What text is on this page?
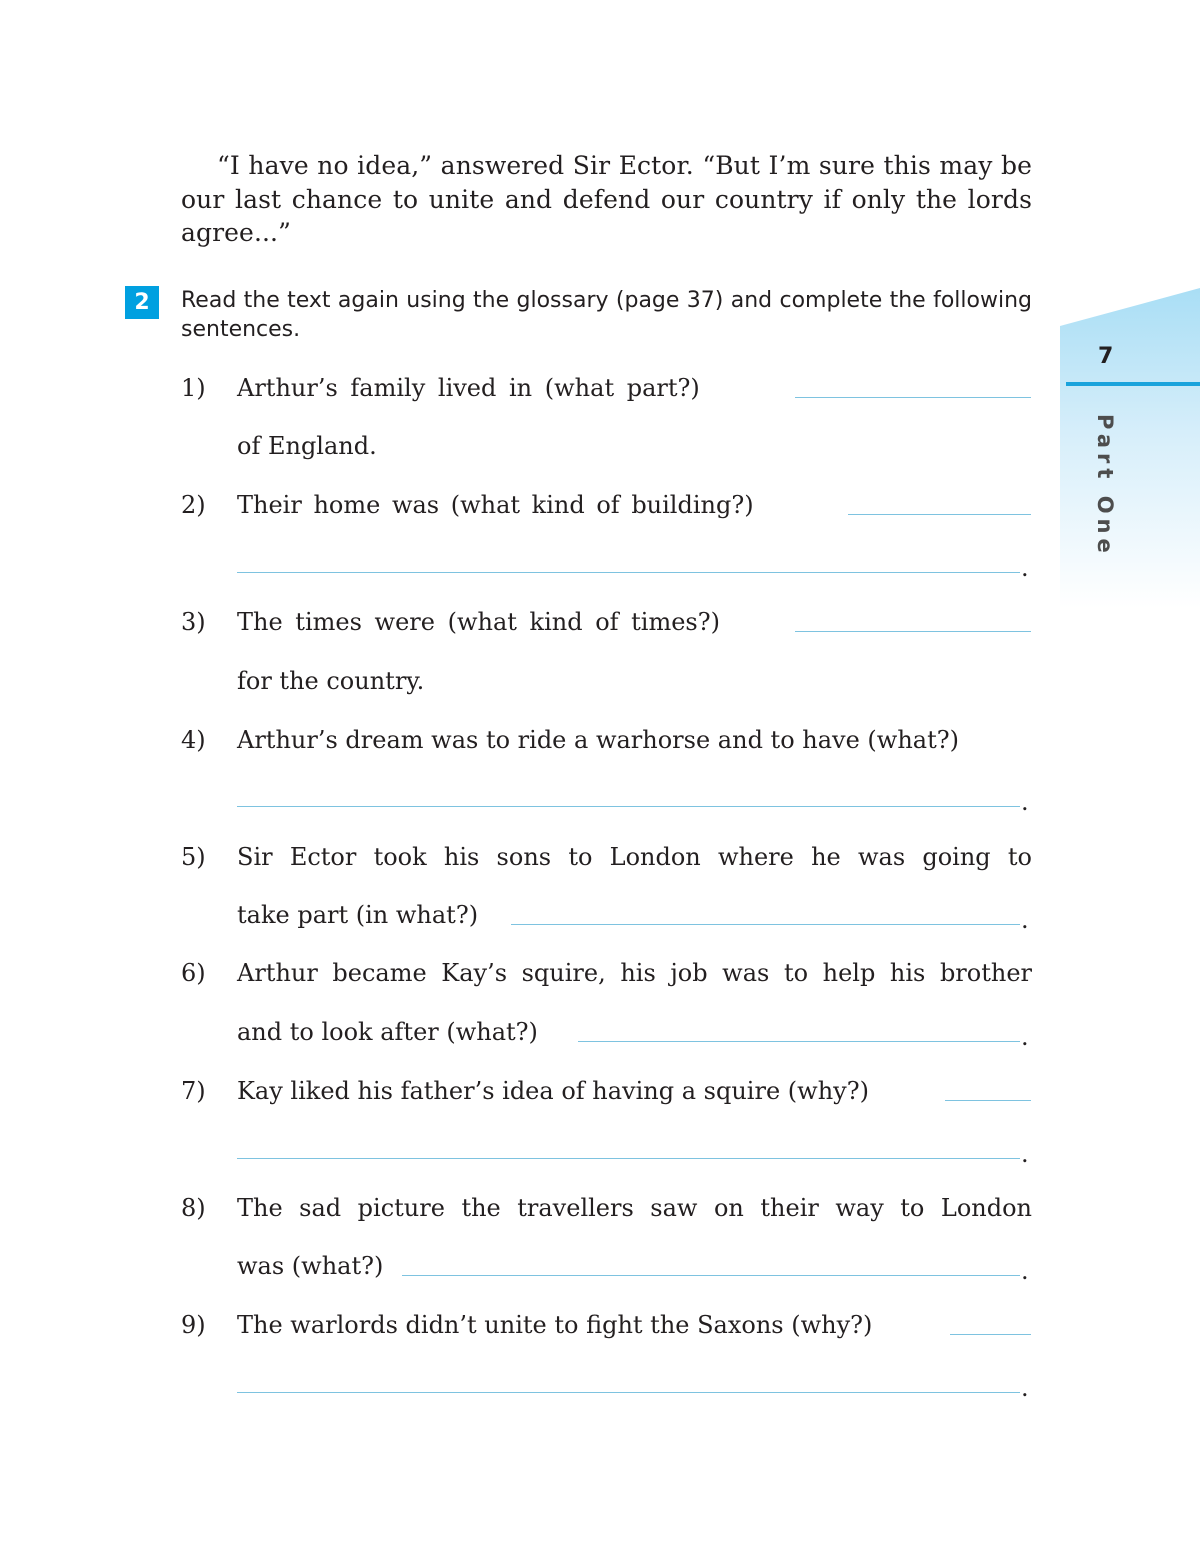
7
Part One

“I have no idea,” answered Sir Ector. “But I’m sure this may be our last chance to unite and defend our country if only the lords agree...”

2	Read the text again using the glossary (page 37) and complete the following sentences.
1) Arthur’s family lived in (what part?)
of England.
2) Their home was (what kind of building?)
.
3) The times were (what kind of times?)
for the country.
4) Arthur’s dream was to ride a warhorse and to have (what?)
.
5) Sir Ector took his sons to London where he was going to
take part (in what?)	.
6) Arthur became Kay’s squire, his job was to help his brother
and to look after (what?)	.
7) Kay liked his father’s idea of having a squire (why?)
.
8) The sad picture the travellers saw on their way to London
was (what?)	.
9) The warlords didn’t unite to fight the Saxons (why?)
.
